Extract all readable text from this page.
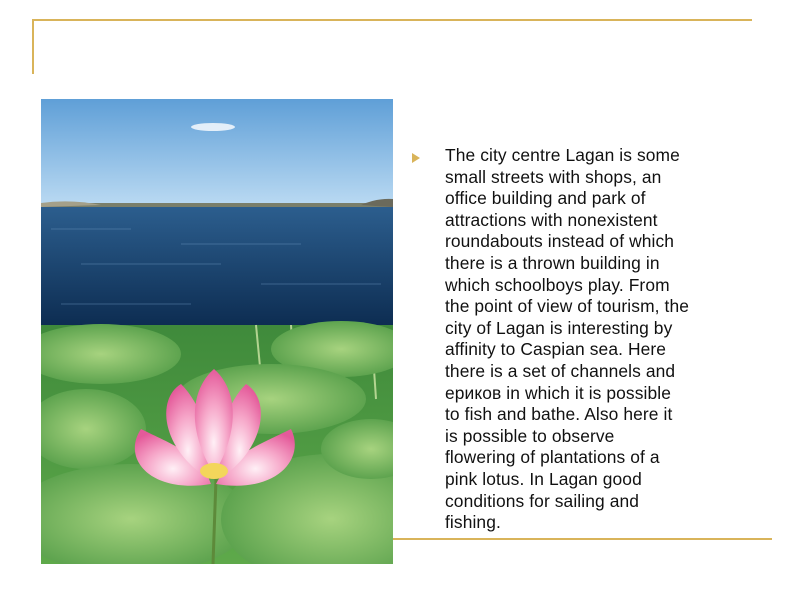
The city centre Lagan is some
small streets with shops, an
office building and park of
attractions with nonexistent
roundabouts instead of which
there is a thrown building in
which schoolboys play. From
the point of view of tourism, the
city of Lagan is interesting by
affinity to Caspian sea. Here
there is a set of channels and
ериков in which it is possible
to fish and bathe. Also here it
is possible to observe
flowering of plantations of a
pink lotus. In Lagan good
conditions for sailing and
fishing.
